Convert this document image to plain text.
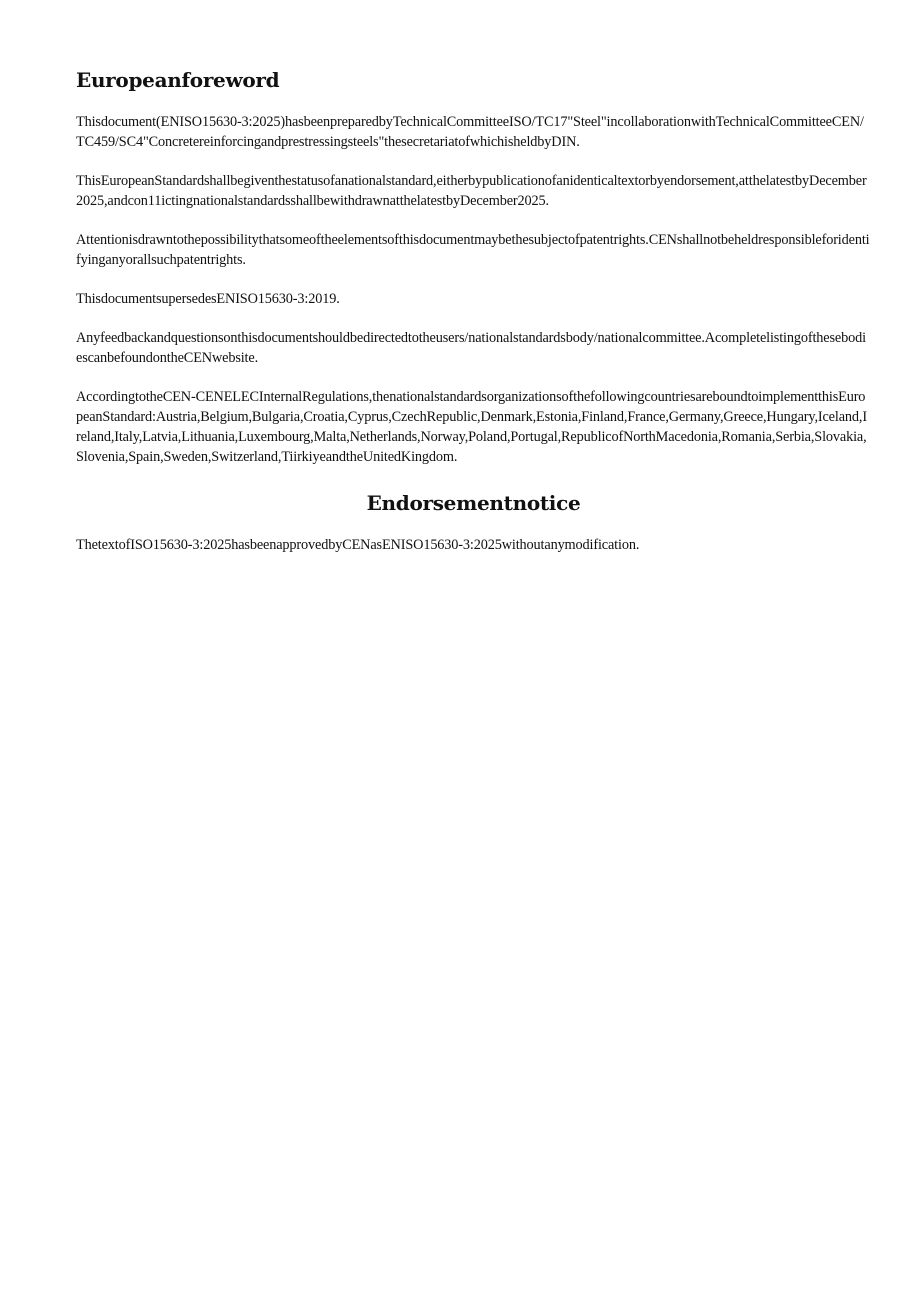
Europeanforeword

Thisdocument(ENISO15630-3:2025)hasbeenpreparedbyTechnicalCommitteeISO/TC17"Steel"incollaborationwithTechnicalCommitteeCEN/TC459/SC4"Concretereinforcingandprestressingsteels"thesecretariatofwhichisheldbyDIN.

ThisEuropeanStandardshallbegiventhestatusofanationalstandard,eitherbypublicationofanidenticaltextorbyendorsement,atthelatestbyDecember2025,andcon11ictingnationalstandardsshallbewithdrawnatthelatestbyDecember2025.

Attentionisdrawntothepossibilitythatsomeoftheelementsofthisdocumentmaybethesubjectofpatentrights.CENshallnotbeheldresponsibleforidentifyinganyorallsuchpatentrights.

ThisdocumentsupersedesENISO15630-3:2019.

Anyfeedbackandquestionsonthisdocumentshouldbedirectedtotheusers/nationalstandardsbody/nationalcommittee.AcompletelistingofthesebodiescanbefoundontheCENwebsite.

AccordingtotheCEN-CENELECInternalRegulations,thenationalstandardsorganizationsofthefollowingcountriesareboundtoimplementthisEuropeanStandard:Austria,Belgium,Bulgaria,Croatia,Cyprus,CzechRepublic,Denmark,Estonia,Finland,France,Germany,Greece,Hungary,Iceland,Ireland,Italy,Latvia,Lithuania,Luxembourg,Malta,Netherlands,Norway,Poland,Portugal,RepublicofNorthMacedonia,Romania,Serbia,Slovakia,Slovenia,Spain,Sweden,Switzerland,TiirkiyeandtheUnitedKingdom.

Endorsementnotice

ThetextofISO15630-3:2025hasbeenapprovedbyCENasENISO15630-3:2025withoutanymodification.
